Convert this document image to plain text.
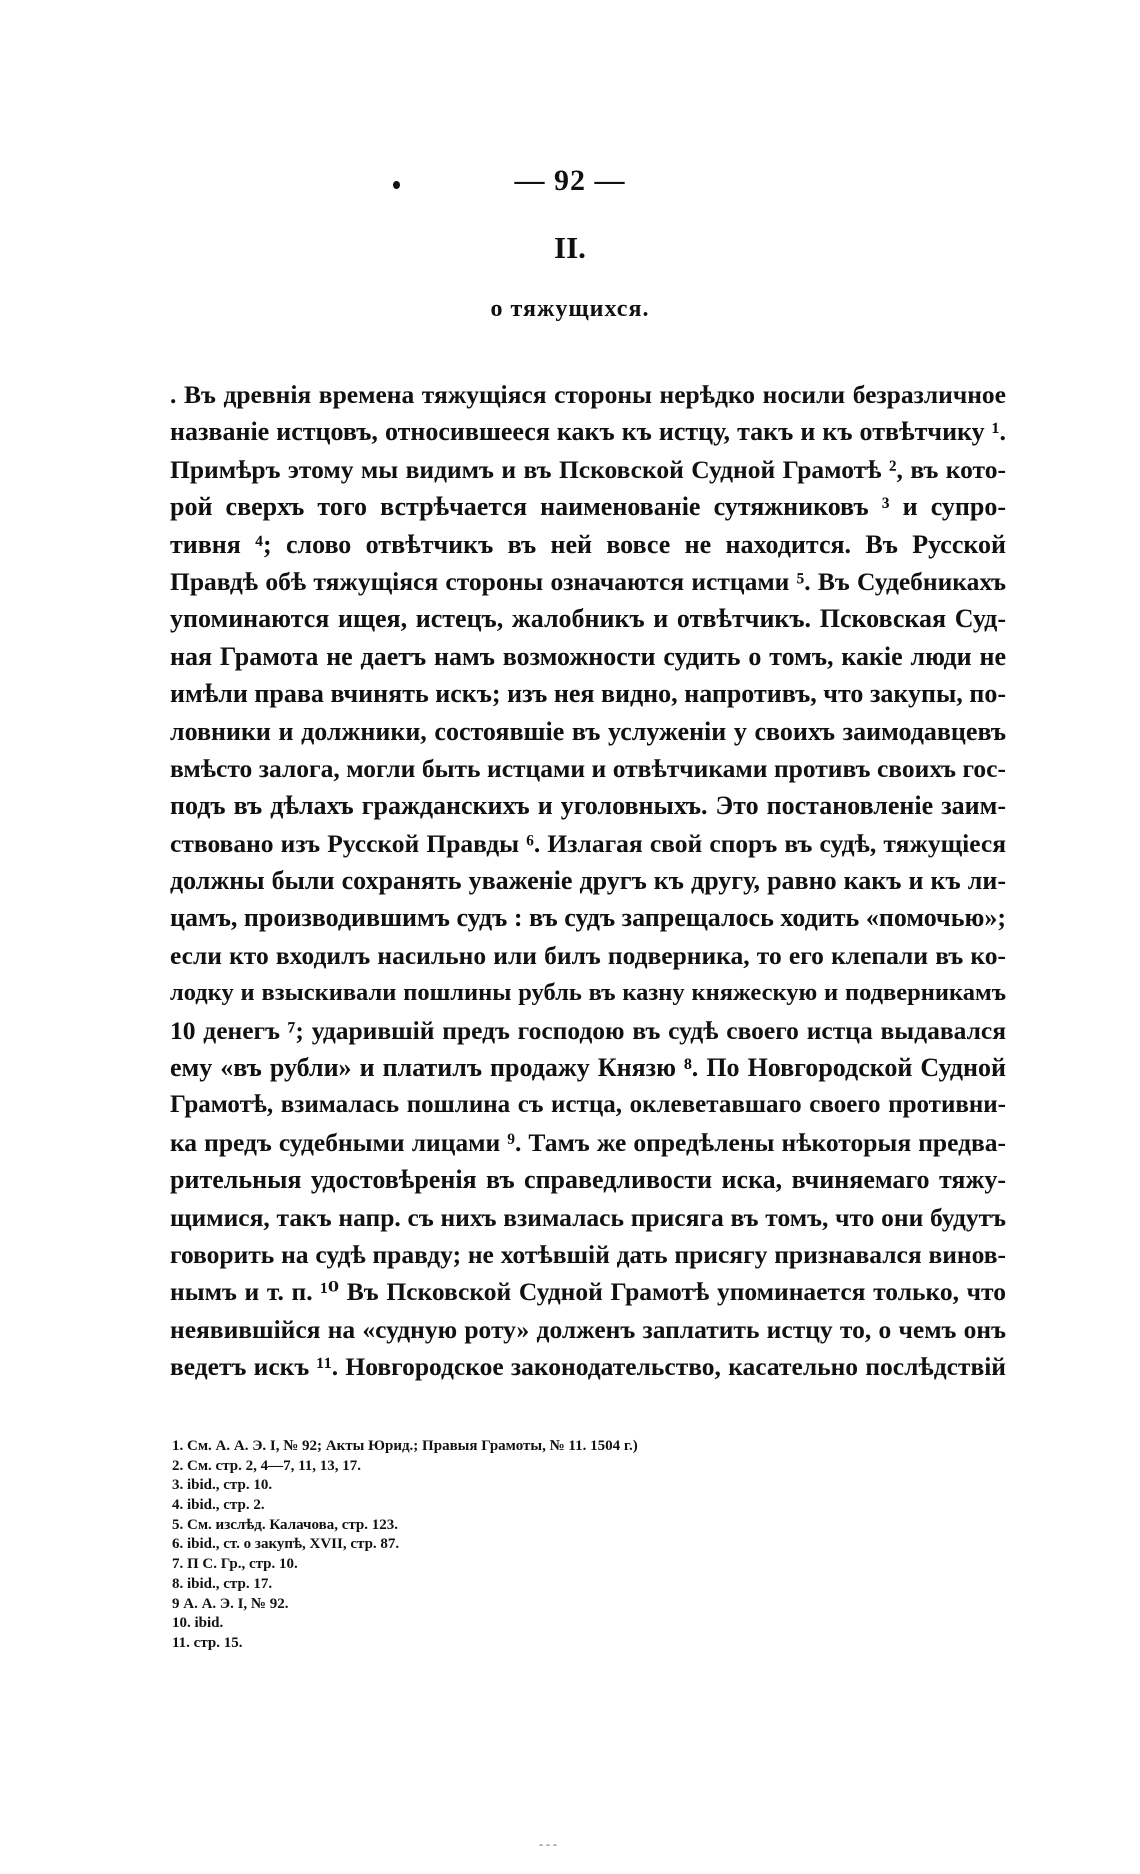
— 92 —
II.
о тяжущихся.
. Въ древнія времена тяжущіяся стороны нерѣдко носили безразличное
названіе истцовъ, относившееся какъ къ истцу, такъ и къ отвѣтчику ¹.
Примѣръ этому мы видимъ и въ Псковской Судной Грамотѣ ², въ кото-
рой сверхъ того встрѣчается наименованіе сутяжниковъ ³ и супро-
тивня ⁴; слово отвѣтчикъ въ ней вовсе не находится. Въ Русской
Правдѣ обѣ тяжущіяся стороны означаются истцами ⁵. Въ Судебникахъ
упоминаются ищея, истецъ, жалобникъ и отвѣтчикъ. Псковская Суд-
ная Грамота не даетъ намъ возможности судить о томъ, какіе люди не
имѣли права вчинять искъ; изъ нея видно, напротивъ, что закупы, по-
ловники и должники, состоявшіе въ услуженіи у своихъ заимодавцевъ
вмѣсто залога, могли быть истцами и отвѣтчиками противъ своихъ гос-
подъ въ дѣлахъ гражданскихъ и уголовныхъ. Это постановленіе заим-
ствовано изъ Русской Правды ⁶. Излагая свой споръ въ судѣ, тяжущіеся
должны были сохранять уваженіе другъ къ другу, равно какъ и къ ли-
цамъ, производившимъ судъ : въ судъ запрещалось ходить «помочью»;
если кто входилъ насильно или билъ подверника, то его клепали въ ко-
лодку и взыскивали пошлины рубль въ казну княжескую и подверникамъ
10 денегъ ⁷; ударившій предъ господою въ судѣ своего истца выдавался
ему «въ рубли» и платилъ продажу Князю ⁸. По Новгородской Судной
Грамотѣ, взималась пошлина съ истца, оклеветавшаго своего противни-
ка предъ судебными лицами ⁹. Тамъ же опредѣлены нѣкоторыя предва-
рительныя удостовѣренія въ справедливости иска, вчиняемаго тяжу-
щимися, такъ напр. съ нихъ взималась присяга въ томъ, что они будутъ
говорить на судѣ правду; не хотѣвшій дать присягу признавался винов-
нымъ и т. п. ¹⁰ Въ Псковской Судной Грамотѣ упоминается только, что
неявившійся на «судную роту» долженъ заплатить истцу то, о чемъ онъ
ведетъ искъ ¹¹. Новгородское законодательство, касательно послѣдствій
1. См. А. А. Э. I, № 92; Акты Юрид.; Правыя Грамоты, № 11. 1504 г.)
2. См. стр. 2, 4—7, 11, 13, 17.
3. ibid., стр. 10.
4. ibid., стр. 2.
5. См. изслѣд. Калачова, стр. 123.
6. ibid., ст. о закупѣ, XVII, стр. 87.
7. П С. Гр., стр. 10.
8. ibid., стр. 17.
9 А. А. Э. I, № 92.
10. ibid.
11. стр. 15.
- - -
